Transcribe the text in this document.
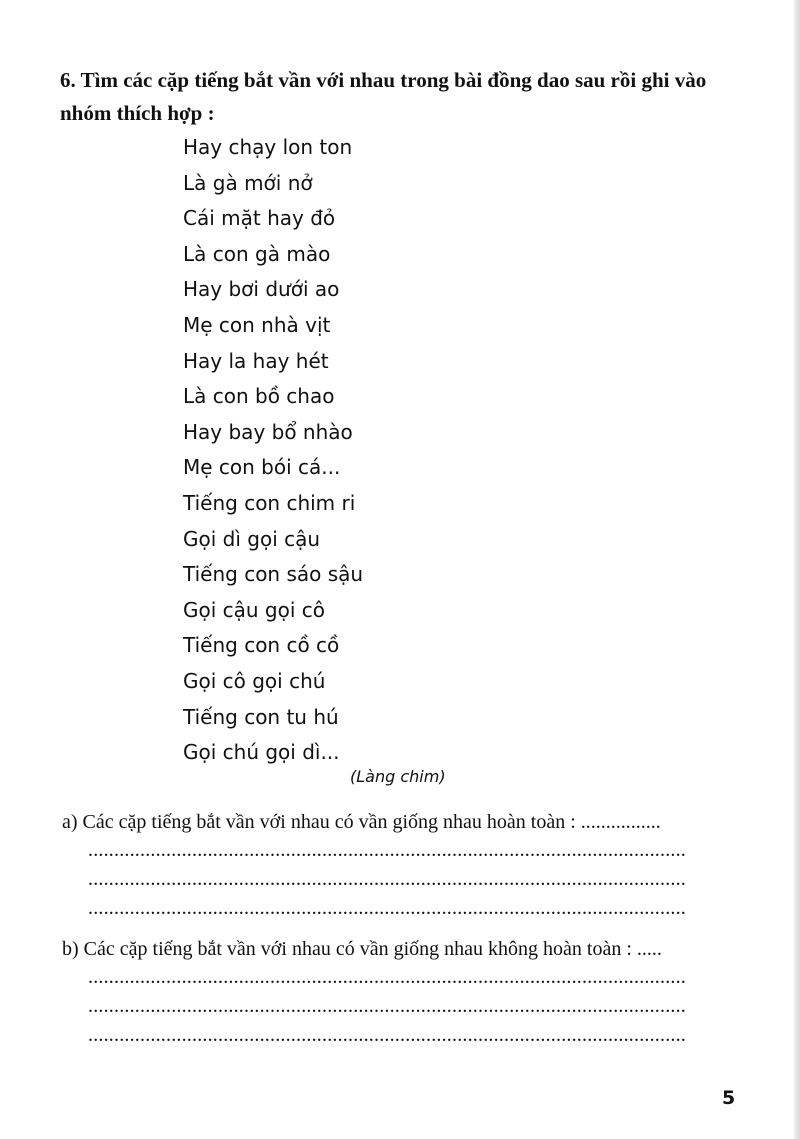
6. Tìm các cặp tiếng bắt vần với nhau trong bài đồng dao sau rồi ghi vào nhóm thích hợp :

Hay chạy lon ton
Là gà mới nở
Cái mặt hay đỏ
Là con gà mào
Hay bơi dưới ao
Mẹ con nhà vịt
Hay la hay hét
Là con bồ chao
Hay bay bổ nhào
Mẹ con bói cá...
Tiếng con chim ri
Gọi dì gọi cậu
Tiếng con sáo sậu
Gọi cậu gọi cô
Tiếng con cồ cồ
Gọi cô gọi chú
Tiếng con tu hú
Gọi chú gọi dì...
(Làng chim)
a) Các cặp tiếng bắt vần với nhau có vần giống nhau hoàn toàn : ................
...................................................................................................................
...................................................................................................................
...................................................................................................................
b) Các cặp tiếng bắt vần với nhau có vần giống nhau không hoàn toàn : .....
...................................................................................................................
...................................................................................................................
...................................................................................................................
5
